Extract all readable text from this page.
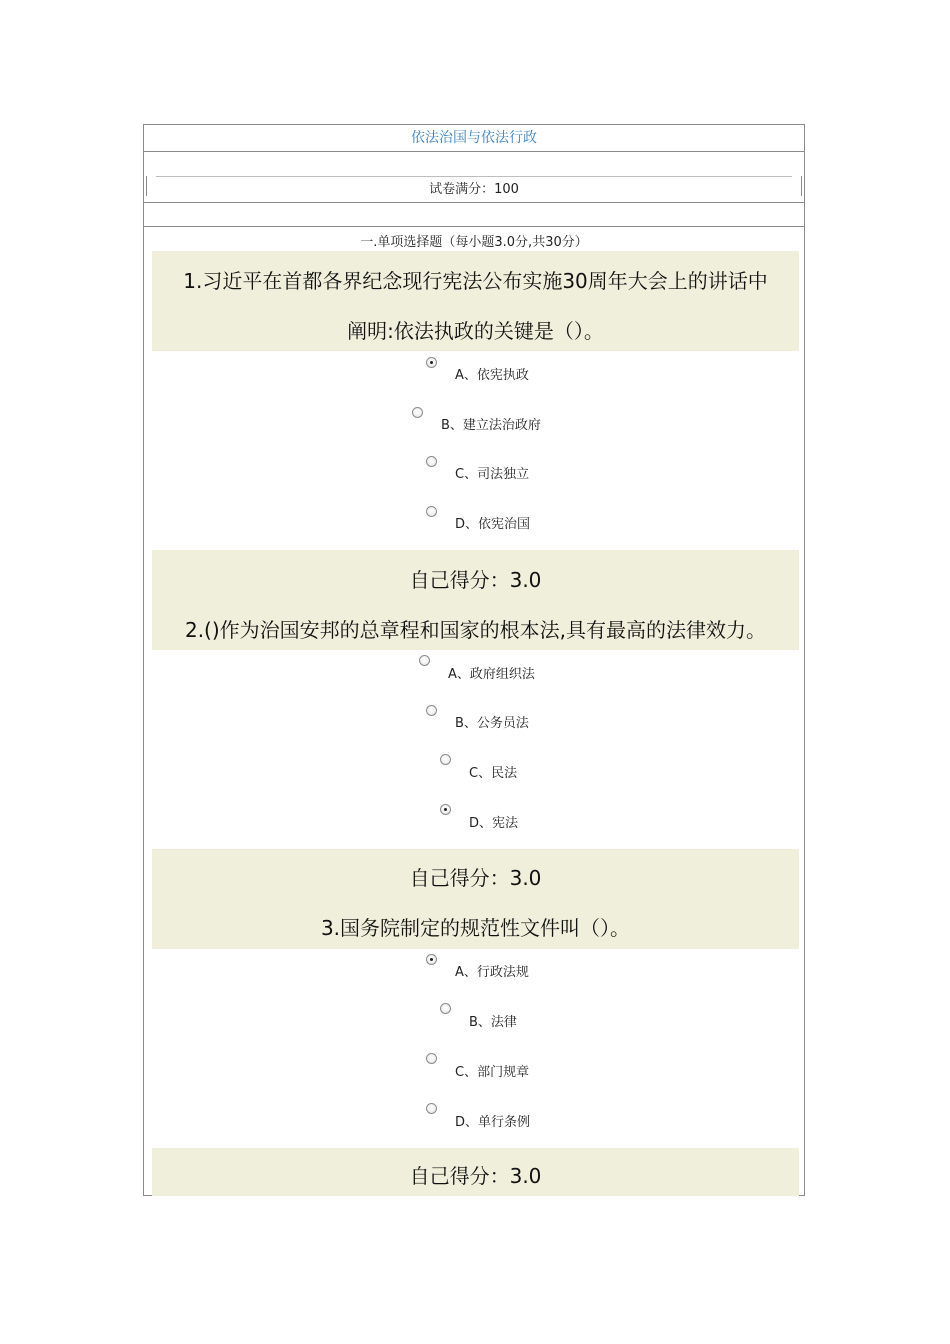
依法治国与依法行政
试卷满分：100
一.单项选择题（每小题3.0分,共30分）
1.习近平在首都各界纪念现行宪法公布实施30周年大会上的讲话中
阐明:依法执政的关键是（）。
A、依宪执政
B、建立法治政府
C、司法独立
D、依宪治国
自己得分：3.0
2.()作为治国安邦的总章程和国家的根本法,具有最高的法律效力。
A、政府组织法
B、公务员法
C、民法
D、宪法
自己得分：3.0
3.国务院制定的规范性文件叫（）。
A、行政法规
B、法律
C、部门规章
D、单行条例
自己得分：3.0
